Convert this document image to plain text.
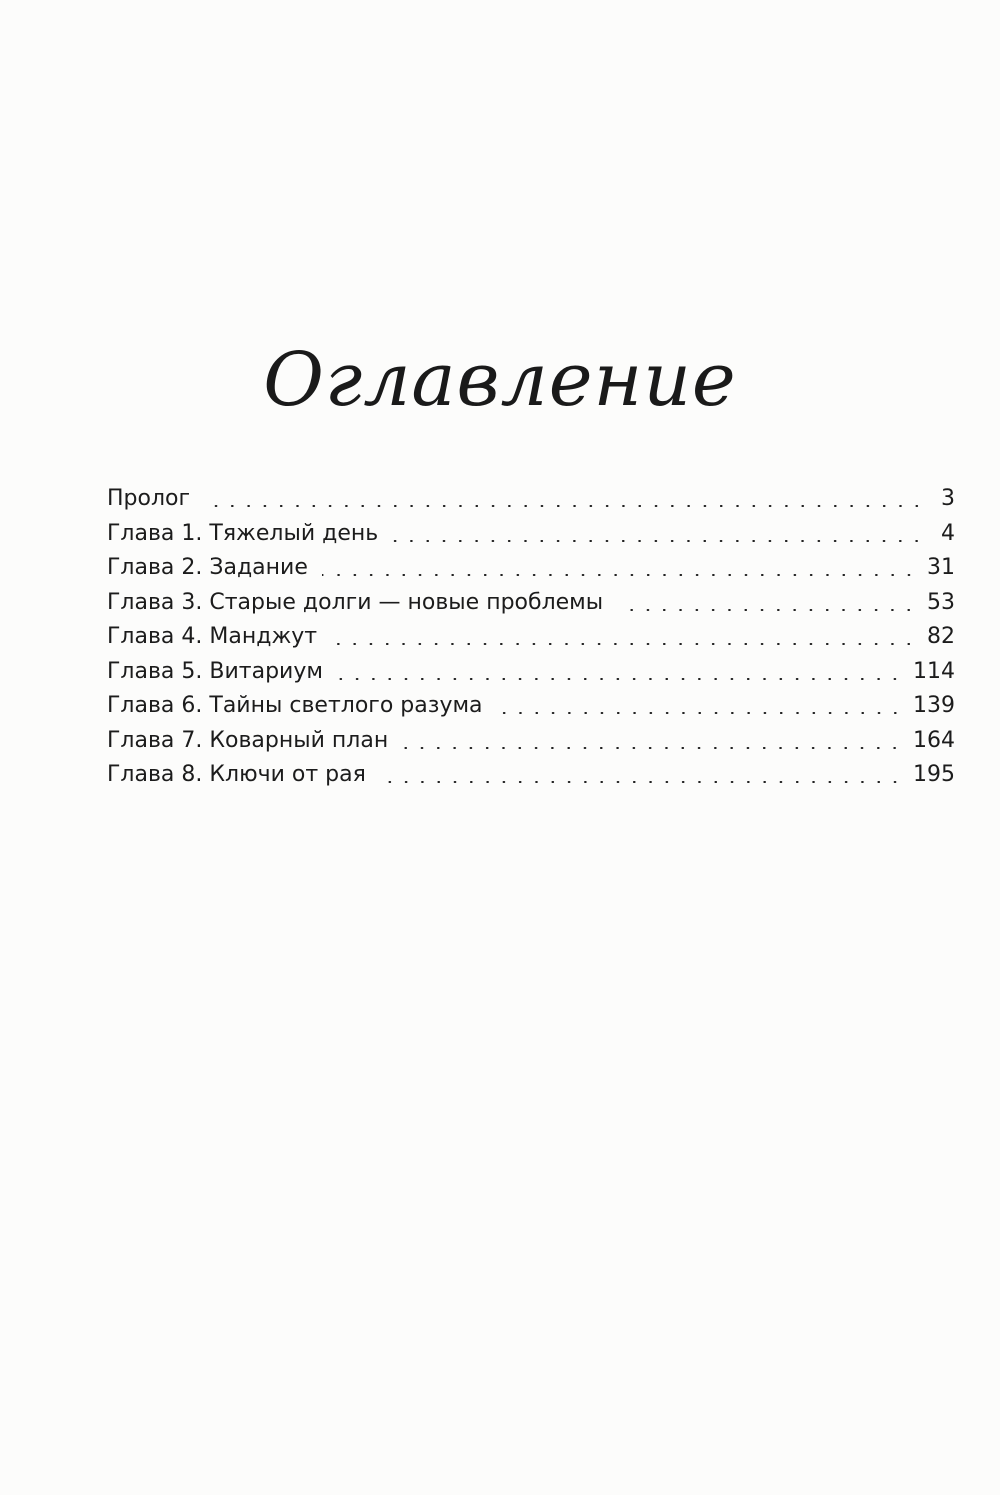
Оглавление
Пролог	3
Глава 1. Тяжелый день	4
Глава 2. Задание	31
Глава 3. Старые долги — новые проблемы	53
Глава 4. Манджут	82
Глава 5. Витариум	114
Глава 6. Тайны светлого разума	139
Глава 7. Коварный план	164
Глава 8. Ключи от рая	195
